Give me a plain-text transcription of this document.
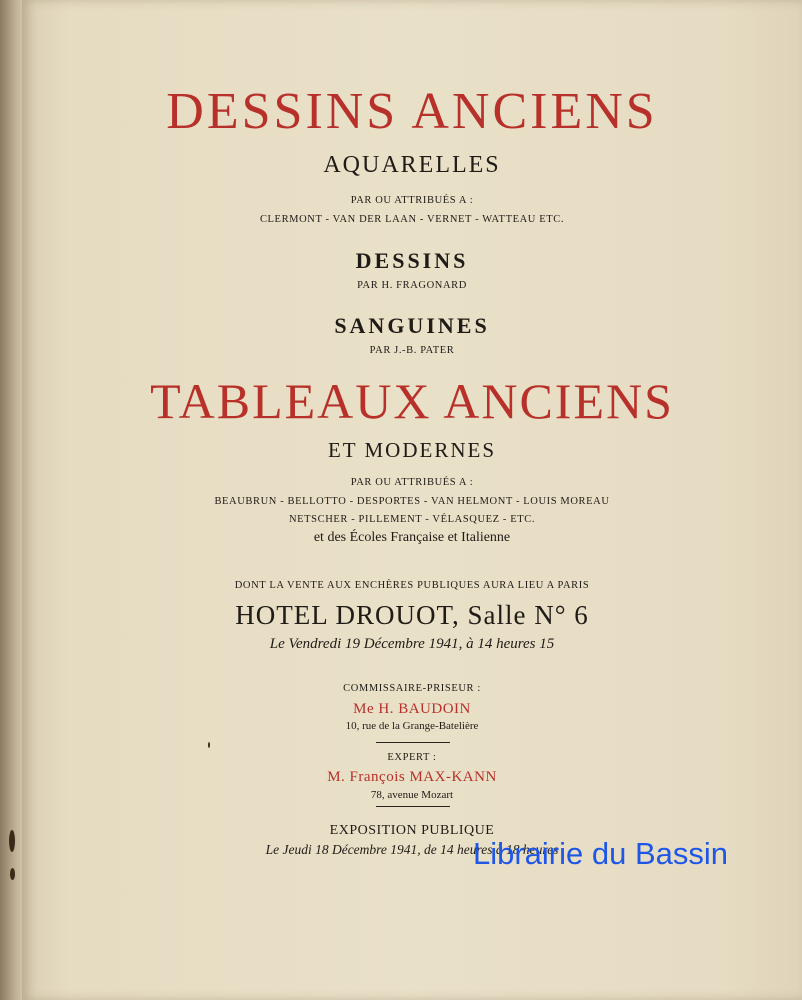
DESSINS ANCIENS
AQUARELLES
PAR OU ATTRIBUÉS A :
CLERMONT - VAN DER LAAN - VERNET - WATTEAU ETC.
DESSINS
PAR H. FRAGONARD
SANGUINES
PAR J.-B. PATER
TABLEAUX ANCIENS
ET MODERNES
PAR OU ATTRIBUÉS A :
BEAUBRUN - BELLOTTO - DESPORTES - VAN HELMONT - LOUIS MOREAU
NETSCHER - PILLEMENT - VÉLASQUEZ - ETC.
et des Écoles Française et Italienne
DONT LA VENTE AUX ENCHÈRES PUBLIQUES AURA LIEU A PARIS
HOTEL DROUOT, Salle N° 6
Le Vendredi 19 Décembre 1941, à 14 heures 15
COMMISSAIRE-PRISEUR :
Me H. BAUDOIN
10, rue de la Grange-Batelière
EXPERT :
M. François MAX-KANN
78, avenue Mozart
EXPOSITION PUBLIQUE
Le Jeudi 18 Décembre 1941, de 14 heures à 18 heures
Librairie du Bassin
